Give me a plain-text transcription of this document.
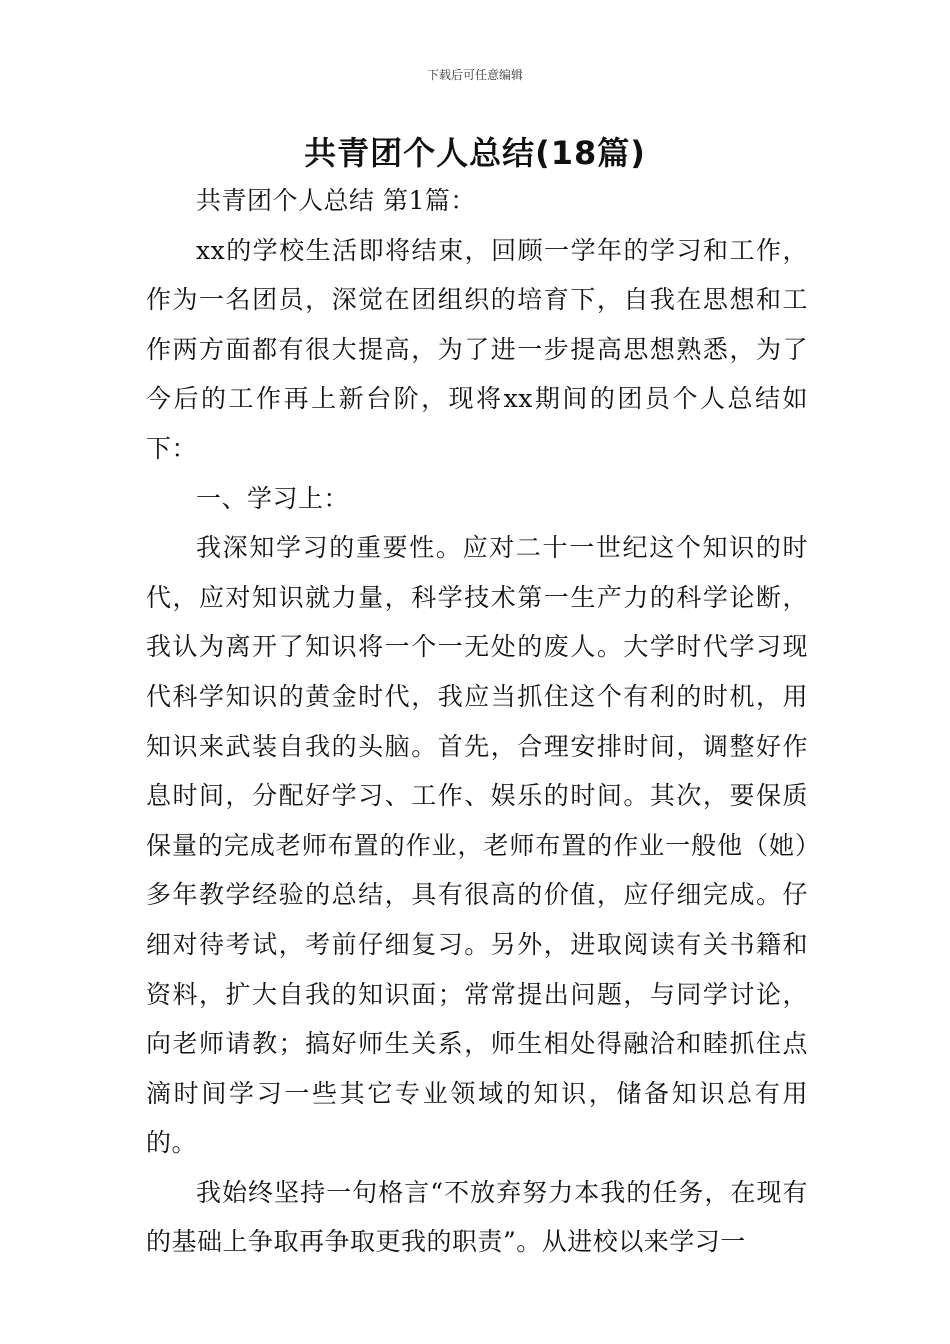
下载后可任意编辑
共青团个人总结(18篇)

共青团个人总结 第1篇：

xx的学校生活即将结束，回顾一学年的学习和工作，作为一名团员，深觉在团组织的培育下，自我在思想和工作两方面都有很大提高，为了进一步提高思想熟悉，为了今后的工作再上新台阶，现将xx期间的团员个人总结如下：

一、学习上：

我深知学习的重要性。应对二十一世纪这个知识的时代，应对知识就力量，科学技术第一生产力的科学论断，我认为离开了知识将一个一无处的废人。大学时代学习现代科学知识的黄金时代，我应当抓住这个有利的时机，用知识来武装自我的头脑。首先，合理安排时间，调整好作息时间，分配好学习、工作、娱乐的时间。其次，要保质保量的完成老师布置的作业，老师布置的作业一般他（她）多年教学经验的总结，具有很高的价值，应仔细完成。仔细对待考试，考前仔细复习。另外，进取阅读有关书籍和资料，扩大自我的知识面；常常提出问题，与同学讨论，向老师请教；搞好师生关系，师生相处得融洽和睦抓住点滴时间学习一些其它专业领域的知识，储备知识总有用的。

我始终坚持一句格言“不放弃努力本我的任务，在现有的基础上争取再争取更我的职责”。从进校以来学习一
